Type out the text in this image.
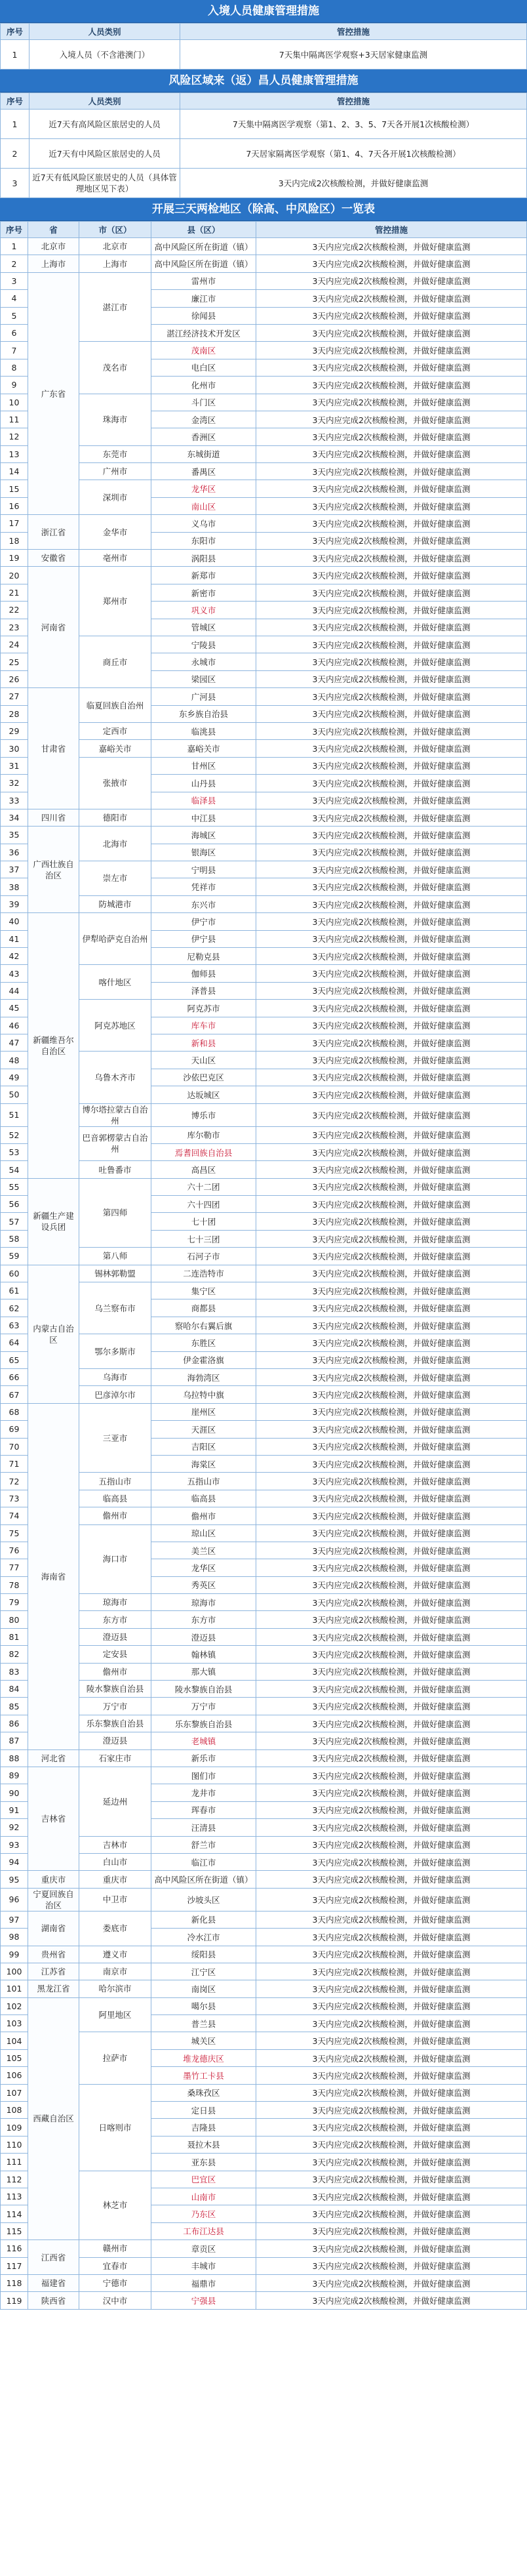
入境人员健康管理措施
序号	人员类别	管控措施
1	入境人员（不含港澳门）	7天集中隔离医学观察+3天居家健康监测
风险区域来（返）昌人员健康管理措施
序号	人员类别	管控措施
1	近7天有高风险区旅居史的人员	7天集中隔离医学观察（第1、2、3、5、7天各开展1次核酸检测）
2	近7天有中风险区旅居史的人员	7天居家隔离医学观察（第1、4、7天各开展1次核酸检测）
3	近7天有低风险区旅居史的人员（具体管理地区见下表）	3天内完成2次核酸检测，并做好健康监测
开展三天两检地区（除高、中风险区）一览表
序号	省	市（区）	县（区）	管控措施
1	北京市	北京市	高中风险区所在街道（镇）	3天内应完成2次核酸检测，并做好健康监测
2	上海市	上海市	高中风险区所在街道（镇）	3天内应完成2次核酸检测，并做好健康监测
3	广东省	湛江市	雷州市	3天内应完成2次核酸检测，并做好健康监测
4			廉江市	3天内应完成2次核酸检测，并做好健康监测
5			徐闻县	3天内应完成2次核酸检测，并做好健康监测
6			湛江经济技术开发区	3天内应完成2次核酸检测，并做好健康监测
7		茂名市	茂南区	3天内应完成2次核酸检测，并做好健康监测
8			电白区	3天内应完成2次核酸检测，并做好健康监测
9			化州市	3天内应完成2次核酸检测，并做好健康监测
10		珠海市	斗门区	3天内应完成2次核酸检测，并做好健康监测
11			金湾区	3天内应完成2次核酸检测，并做好健康监测
12			香洲区	3天内应完成2次核酸检测，并做好健康监测
13		东莞市	东城街道	3天内应完成2次核酸检测，并做好健康监测
14		广州市	番禺区	3天内应完成2次核酸检测，并做好健康监测
15		深圳市	龙华区	3天内应完成2次核酸检测，并做好健康监测
16			南山区	3天内应完成2次核酸检测，并做好健康监测
17	浙江省	金华市	义乌市	3天内应完成2次核酸检测，并做好健康监测
18			东阳市	3天内应完成2次核酸检测，并做好健康监测
19	安徽省	亳州市	涡阳县	3天内应完成2次核酸检测，并做好健康监测
20	河南省	郑州市	新郑市	3天内应完成2次核酸检测，并做好健康监测
21			新密市	3天内应完成2次核酸检测，并做好健康监测
22			巩义市	3天内应完成2次核酸检测，并做好健康监测
23			管城区	3天内应完成2次核酸检测，并做好健康监测
24		商丘市	宁陵县	3天内应完成2次核酸检测，并做好健康监测
25			永城市	3天内应完成2次核酸检测，并做好健康监测
26			梁园区	3天内应完成2次核酸检测，并做好健康监测
27	甘肃省	临夏回族自治州	广河县	3天内应完成2次核酸检测，并做好健康监测
28			东乡族自治县	3天内应完成2次核酸检测，并做好健康监测
29		定西市	临洮县	3天内应完成2次核酸检测，并做好健康监测
30		嘉峪关市	嘉峪关市	3天内应完成2次核酸检测，并做好健康监测
31		张掖市	甘州区	3天内应完成2次核酸检测，并做好健康监测
32			山丹县	3天内应完成2次核酸检测，并做好健康监测
33			临泽县	3天内应完成2次核酸检测，并做好健康监测
34	四川省	德阳市	中江县	3天内应完成2次核酸检测，并做好健康监测
35	广西壮族自治区	北海市	海城区	3天内应完成2次核酸检测，并做好健康监测
36			银海区	3天内应完成2次核酸检测，并做好健康监测
37		崇左市	宁明县	3天内应完成2次核酸检测，并做好健康监测
38			凭祥市	3天内应完成2次核酸检测，并做好健康监测
39		防城港市	东兴市	3天内应完成2次核酸检测，并做好健康监测
40	新疆维吾尔自治区	伊犁哈萨克自治州	伊宁市	3天内应完成2次核酸检测，并做好健康监测
41			伊宁县	3天内应完成2次核酸检测，并做好健康监测
42			尼勒克县	3天内应完成2次核酸检测，并做好健康监测
43		喀什地区	伽师县	3天内应完成2次核酸检测，并做好健康监测
44			泽普县	3天内应完成2次核酸检测，并做好健康监测
45		阿克苏地区	阿克苏市	3天内应完成2次核酸检测，并做好健康监测
46			库车市	3天内应完成2次核酸检测，并做好健康监测
47			新和县	3天内应完成2次核酸检测，并做好健康监测
48		乌鲁木齐市	天山区	3天内应完成2次核酸检测，并做好健康监测
49			沙依巴克区	3天内应完成2次核酸检测，并做好健康监测
50			达坂城区	3天内应完成2次核酸检测，并做好健康监测
51		博尔塔拉蒙古自治州	博乐市	3天内应完成2次核酸检测，并做好健康监测
52		巴音郭楞蒙古自治州	库尔勒市	3天内应完成2次核酸检测，并做好健康监测
53			焉耆回族自治县	3天内应完成2次核酸检测，并做好健康监测
54		吐鲁番市	高昌区	3天内应完成2次核酸检测，并做好健康监测
55	新疆生产建设兵团	第四师	六十二团	3天内应完成2次核酸检测，并做好健康监测
56			六十四团	3天内应完成2次核酸检测，并做好健康监测
57			七十团	3天内应完成2次核酸检测，并做好健康监测
58			七十三团	3天内应完成2次核酸检测，并做好健康监测
59		第八师	石河子市	3天内应完成2次核酸检测，并做好健康监测
60	内蒙古自治区	锡林郭勒盟	二连浩特市	3天内应完成2次核酸检测，并做好健康监测
61		乌兰察布市	集宁区	3天内应完成2次核酸检测，并做好健康监测
62			商都县	3天内应完成2次核酸检测，并做好健康监测
63			察哈尔右翼后旗	3天内应完成2次核酸检测，并做好健康监测
64		鄂尔多斯市	东胜区	3天内应完成2次核酸检测，并做好健康监测
65			伊金霍洛旗	3天内应完成2次核酸检测，并做好健康监测
66		乌海市	海勃湾区	3天内应完成2次核酸检测，并做好健康监测
67		巴彦淖尔市	乌拉特中旗	3天内应完成2次核酸检测，并做好健康监测
68	海南省	三亚市	崖州区	3天内应完成2次核酸检测，并做好健康监测
69			天涯区	3天内应完成2次核酸检测，并做好健康监测
70			吉阳区	3天内应完成2次核酸检测，并做好健康监测
71			海棠区	3天内应完成2次核酸检测，并做好健康监测
72		五指山市	五指山市	3天内应完成2次核酸检测，并做好健康监测
73		临高县	临高县	3天内应完成2次核酸检测，并做好健康监测
74		儋州市	儋州市	3天内应完成2次核酸检测，并做好健康监测
75		海口市	琼山区	3天内应完成2次核酸检测，并做好健康监测
76			美兰区	3天内应完成2次核酸检测，并做好健康监测
77			龙华区	3天内应完成2次核酸检测，并做好健康监测
78			秀英区	3天内应完成2次核酸检测，并做好健康监测
79		琼海市	琼海市	3天内应完成2次核酸检测，并做好健康监测
80		东方市	东方市	3天内应完成2次核酸检测，并做好健康监测
81		澄迈县	澄迈县	3天内应完成2次核酸检测，并做好健康监测
82		定安县	翰林镇	3天内应完成2次核酸检测，并做好健康监测
83		儋州市	那大镇	3天内应完成2次核酸检测，并做好健康监测
84		陵水黎族自治县	陵水黎族自治县	3天内应完成2次核酸检测，并做好健康监测
85		万宁市	万宁市	3天内应完成2次核酸检测，并做好健康监测
86		乐东黎族自治县	乐东黎族自治县	3天内应完成2次核酸检测，并做好健康监测
87		澄迈县	老城镇	3天内应完成2次核酸检测，并做好健康监测
88	河北省	石家庄市	新乐市	3天内应完成2次核酸检测，并做好健康监测
89	吉林省	延边州	图们市	3天内应完成2次核酸检测，并做好健康监测
90			龙井市	3天内应完成2次核酸检测，并做好健康监测
91			珲春市	3天内应完成2次核酸检测，并做好健康监测
92			汪清县	3天内应完成2次核酸检测，并做好健康监测
93		吉林市	舒兰市	3天内应完成2次核酸检测，并做好健康监测
94		白山市	临江市	3天内应完成2次核酸检测，并做好健康监测
95	重庆市	重庆市	高中风险区所在街道（镇）	3天内应完成2次核酸检测，并做好健康监测
96	宁夏回族自治区	中卫市	沙坡头区	3天内应完成2次核酸检测，并做好健康监测
97	湖南省	娄底市	新化县	3天内应完成2次核酸检测，并做好健康监测
98			冷水江市	3天内应完成2次核酸检测，并做好健康监测
99	贵州省	遵义市	绥阳县	3天内应完成2次核酸检测，并做好健康监测
100	江苏省	南京市	江宁区	3天内应完成2次核酸检测，并做好健康监测
101	黑龙江省	哈尔滨市	南岗区	3天内应完成2次核酸检测，并做好健康监测
102	西藏自治区	阿里地区	噶尔县	3天内应完成2次核酸检测，并做好健康监测
103			普兰县	3天内应完成2次核酸检测，并做好健康监测
104		拉萨市	城关区	3天内应完成2次核酸检测，并做好健康监测
105			堆龙德庆区	3天内应完成2次核酸检测，并做好健康监测
106			墨竹工卡县	3天内应完成2次核酸检测，并做好健康监测
107		日喀则市	桑珠孜区	3天内应完成2次核酸检测，并做好健康监测
108			定日县	3天内应完成2次核酸检测，并做好健康监测
109			吉隆县	3天内应完成2次核酸检测，并做好健康监测
110			聂拉木县	3天内应完成2次核酸检测，并做好健康监测
111			亚东县	3天内应完成2次核酸检测，并做好健康监测
112		林芝市	巴宜区	3天内应完成2次核酸检测，并做好健康监测
113			山南市	3天内应完成2次核酸检测，并做好健康监测
114			乃东区	3天内应完成2次核酸检测，并做好健康监测
115			工布江达县	3天内应完成2次核酸检测，并做好健康监测
116	江西省	赣州市	章贡区	3天内应完成2次核酸检测，并做好健康监测
117		宜春市	丰城市	3天内应完成2次核酸检测，并做好健康监测
118	福建省	宁德市	福鼎市	3天内应完成2次核酸检测，并做好健康监测
119	陕西省	汉中市	宁强县	3天内应完成2次核酸检测，并做好健康监测
